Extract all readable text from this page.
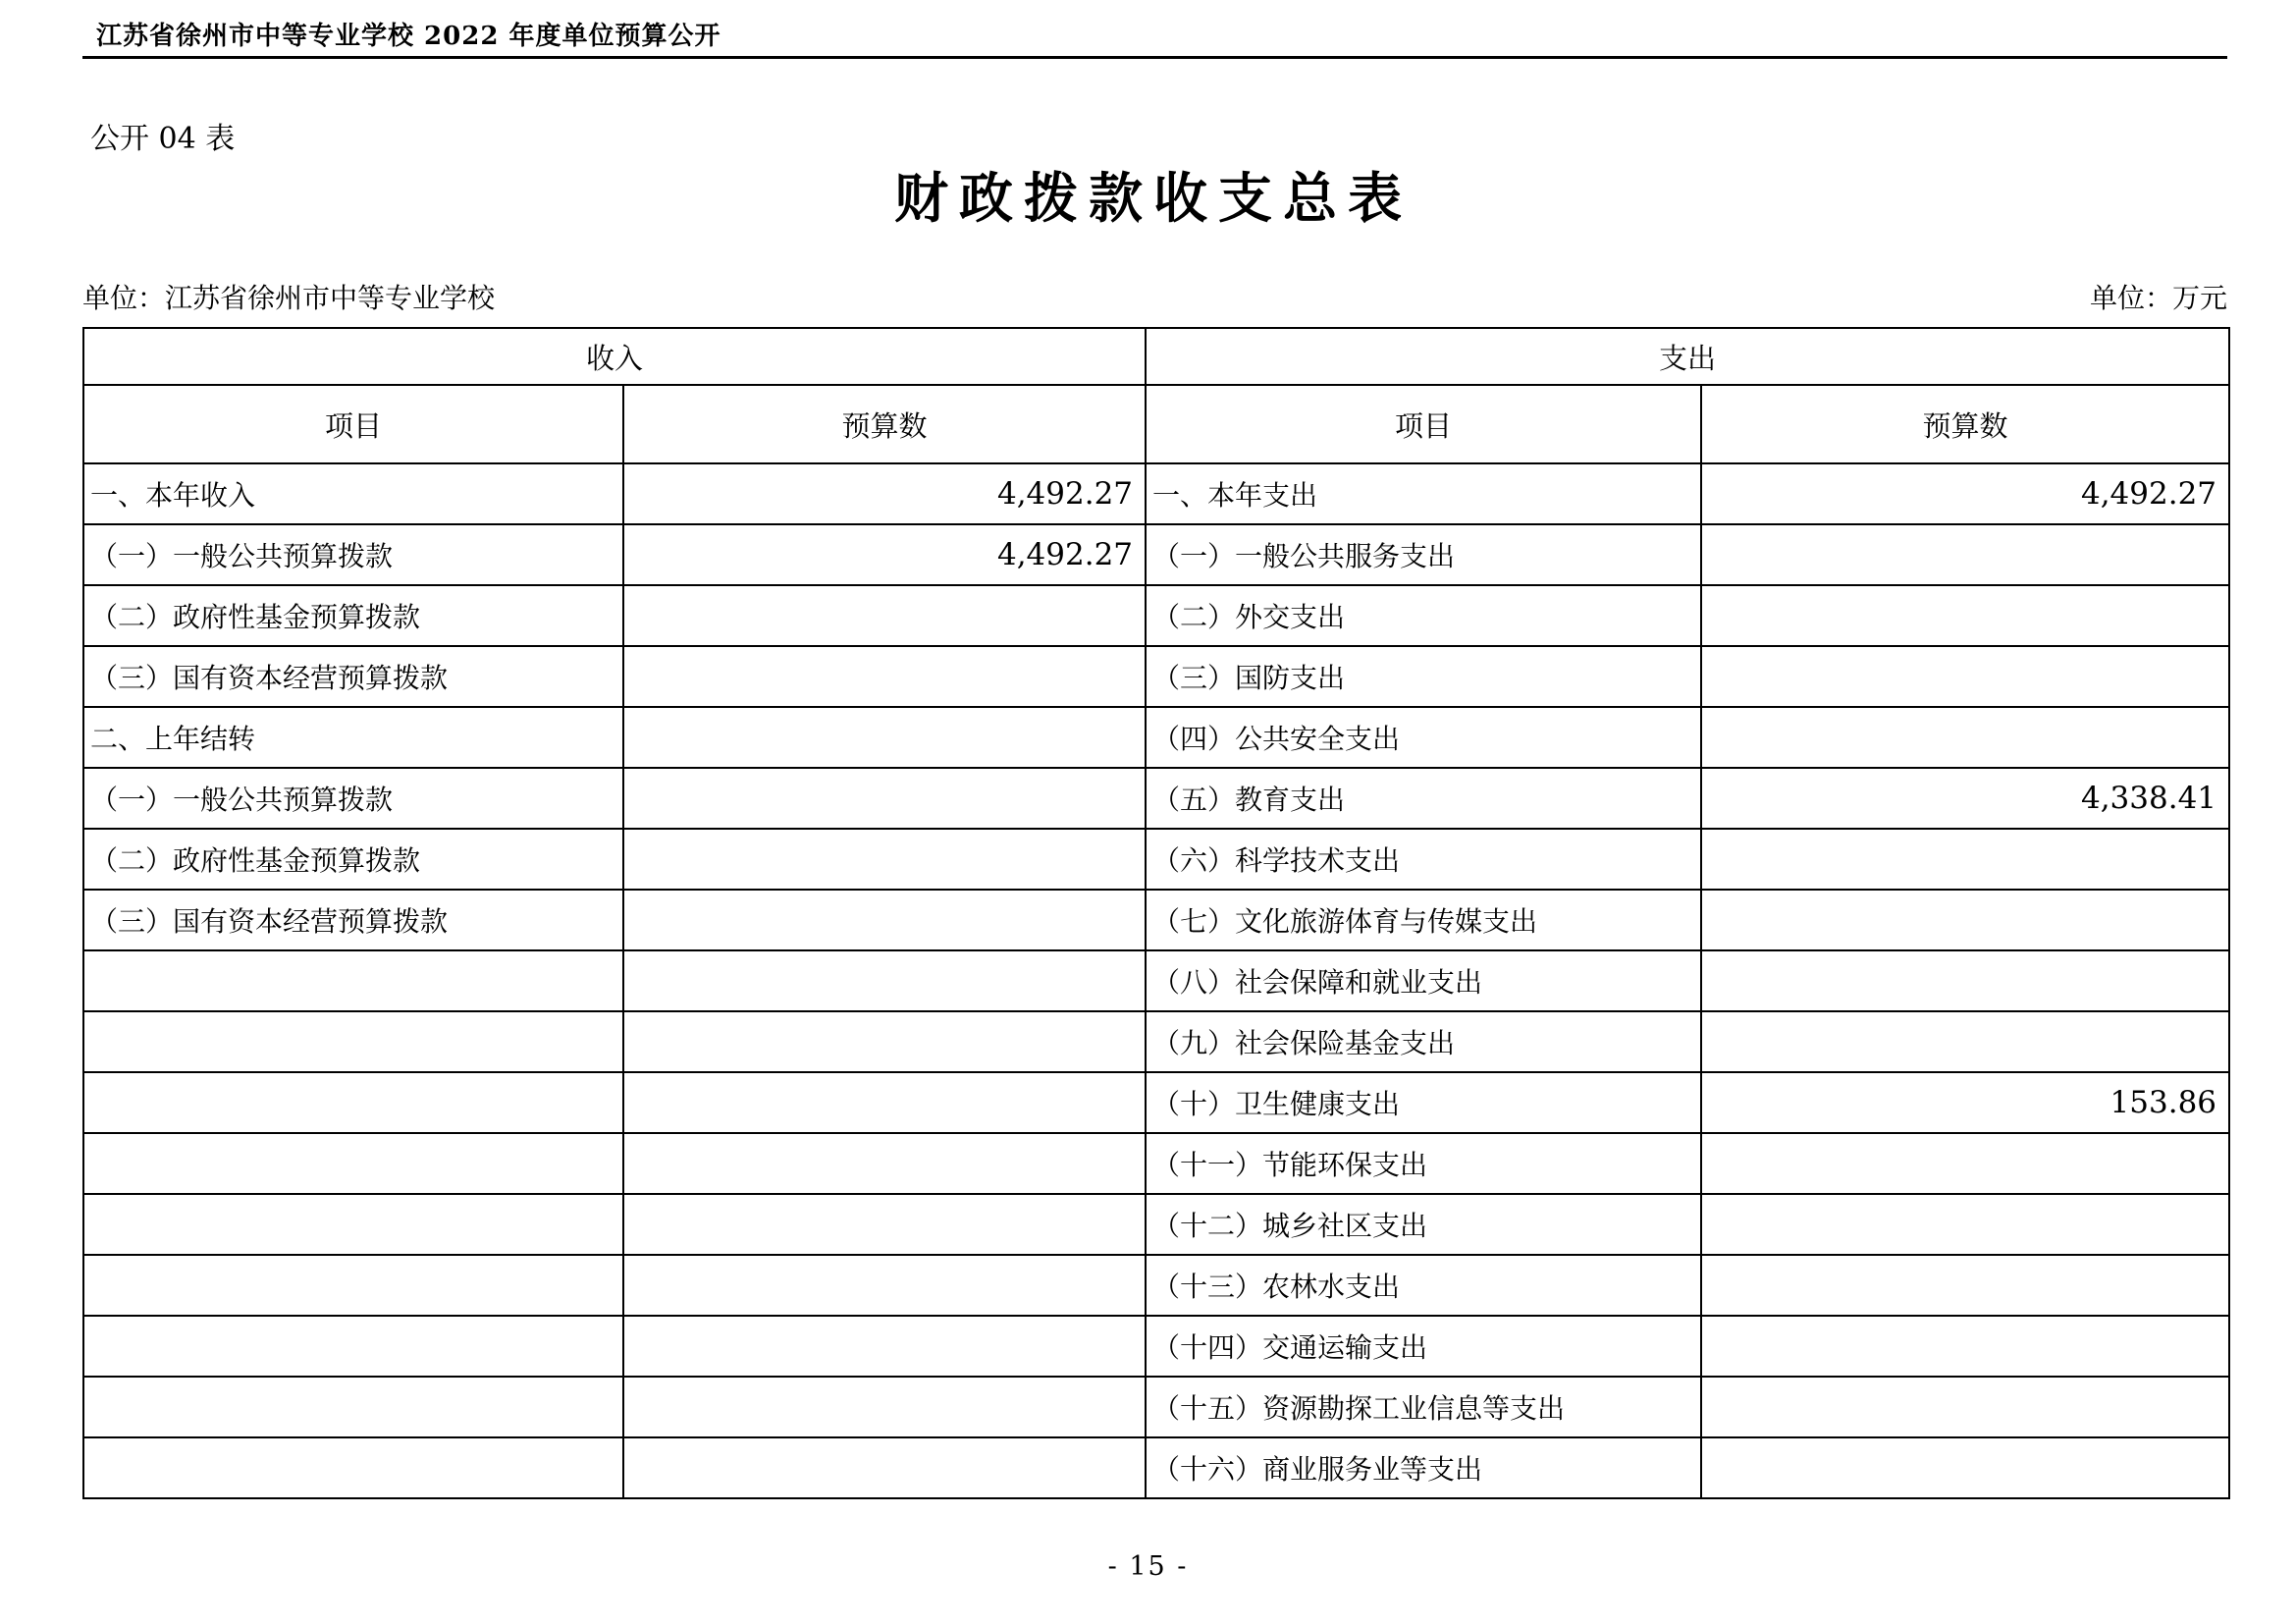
江苏省徐州市中等专业学校 2022 年度单位预算公开
公开 04 表
财政拨款收支总表
单位：江苏省徐州市中等专业学校	单位：万元
收入		支出	
项目	预算数	项目	预算数
一、本年收入	4,492.27	一、本年支出	4,492.27
（一）一般公共预算拨款	4,492.27	（一）一般公共服务支出	
（二）政府性基金预算拨款		（二）外交支出	
（三）国有资本经营预算拨款		（三）国防支出	
二、上年结转		（四）公共安全支出	
（一）一般公共预算拨款		（五）教育支出	4,338.41
（二）政府性基金预算拨款		（六）科学技术支出	
（三）国有资本经营预算拨款		（七）文化旅游体育与传媒支出	
		（八）社会保障和就业支出	
		（九）社会保险基金支出	
		（十）卫生健康支出	153.86
		（十一）节能环保支出	
		（十二）城乡社区支出	
		（十三）农林水支出	
		（十四）交通运输支出	
		（十五）资源勘探工业信息等支出	
		（十六）商业服务业等支出	
- 15 -
